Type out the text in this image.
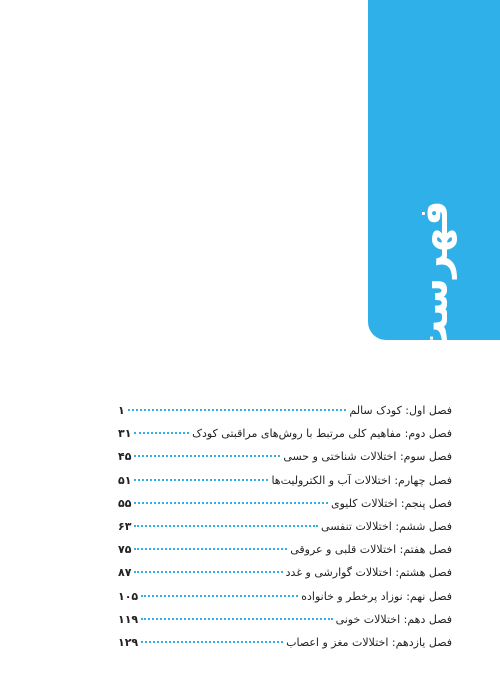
فهرست
فصل اول: کودک سالم
۱
فصل دوم: مفاهیم کلی مرتبط با روش‌های مراقبتی کودک
۳۱
فصل سوم: اختلالات شناختی و حسی
۴۵
فصل چهارم: اختلالات آب و الکترولیت‌ها
۵۱
فصل پنجم: اختلالات کلیوی
۵۵
فصل ششم: اختلالات تنفسی
۶۳
فصل هفتم: اختلالات قلبی و عروقی
۷۵
فصل هشتم: اختلالات گوارشی و غدد
۸۷
فصل نهم: نوزاد پرخطر و خانواده
۱۰۵
فصل دهم: اختلالات خونی
۱۱۹
فصل یازدهم: اختلالات مغز و اعصاب
۱۲۹
